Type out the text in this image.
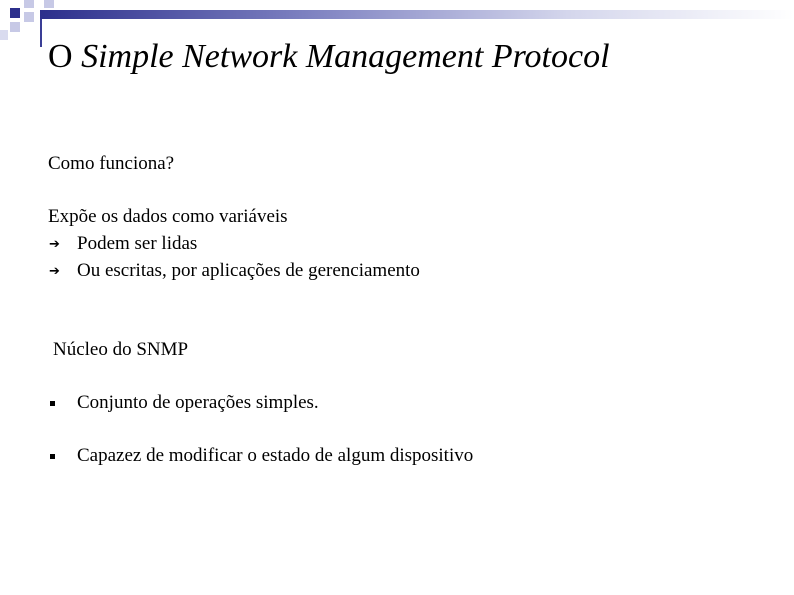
O Simple Network Management Protocol
Como funciona?
Expõe os dados como variáveis
➔ Podem ser lidas
➔ Ou escritas, por aplicações de gerenciamento
Núcleo do SNMP
Conjunto de operações simples.
Capazez de modificar o estado de algum dispositivo
